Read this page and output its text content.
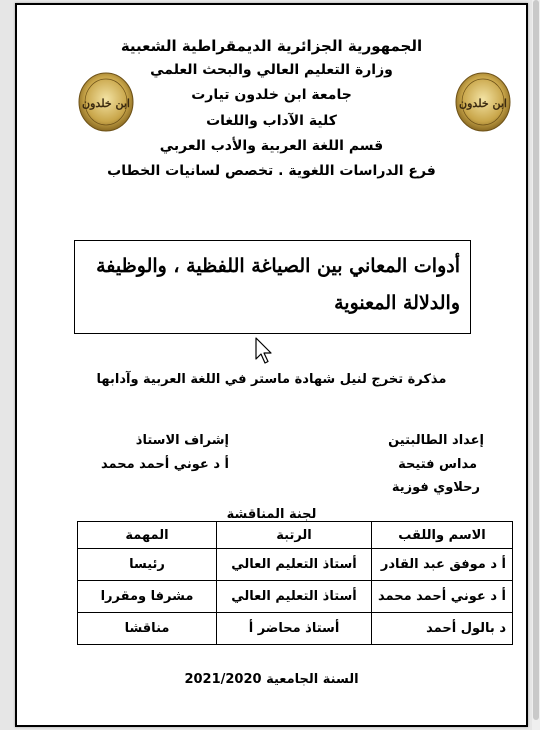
الجمهورية الجزائرية الديمقراطية الشعبية
وزارة التعليم العالي والبحث العلمي
جامعة ابن خلدون تيارت
كلية الآداب واللغات
قسم اللغة العربية والأدب العربي
فرع الدراسات اللغوية . تخصص لسانيات الخطاب
ابن خلدون	ابن خلدون
أدوات المعاني بين الصياغة اللفظية ، والوظيفة
والدلالة المعنوية
مذكرة تخرج لنيل شهادة ماستر في اللغة العربية وآدابها
إعداد الطالبتين
مداس فتيحة
رحلاوي فوزية
إشراف الاستاذ
أ د عوني أحمد محمد
لجنة المناقشة
الاسم واللقب	الرتبة	المهمة
أ د موفق عبد القادر	أستاذ التعليم العالي	رئيسا
أ د عوني أحمد محمد	أستاذ التعليم العالي	مشرفا ومقررا
د بالول أحمد	أستاذ محاضر أ	مناقشا
السنة الجامعية 2021/2020
